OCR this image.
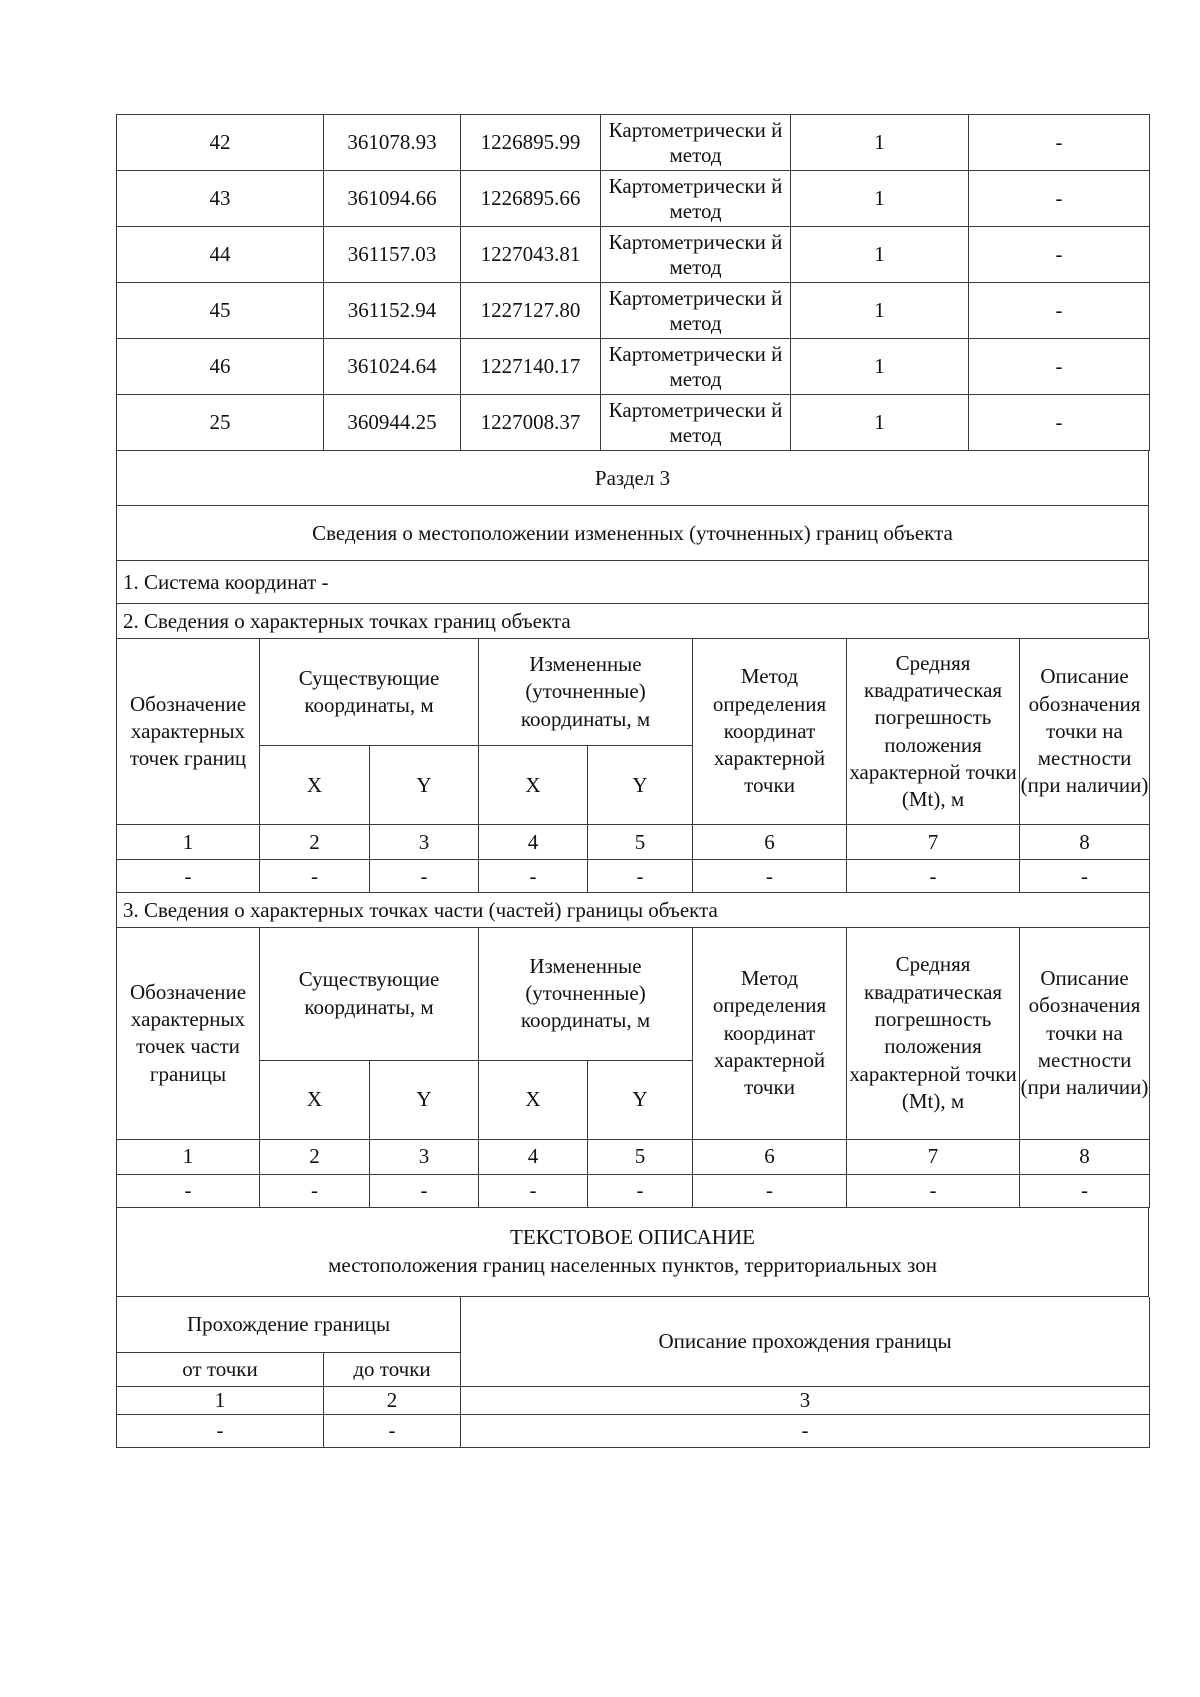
42	361078.93	1226895.99	Картометрически й метод	1	-
43	361094.66	1226895.66	Картометрически й метод	1	-
44	361157.03	1227043.81	Картометрически й метод	1	-
45	361152.94	1227127.80	Картометрически й метод	1	-
46	361024.64	1227140.17	Картометрически й метод	1	-
25	360944.25	1227008.37	Картометрически й метод	1	-
Раздел 3
Сведения о местоположении измененных (уточненных) границ объекта
1. Система координат -
2. Сведения о характерных точках границ объекта
Обозначение характерных точек границ	Существующие координаты, м		Измененные (уточненные) координаты, м		Метод определения координат характерной точки	Средняя квадратическая погрешность положения характерной точки (Mt), м	Описание обозначения точки на местности (при наличии)
	X	Y	X	Y			
1	2	3	4	5	6	7	8
-	-	-	-	-	-	-	-
3. Сведения о характерных точках части (частей) границы объекта							
Обозначение характерных точек части границы	Существующие координаты, м		Измененные (уточненные) координаты, м		Метод определения координат характерной точки	Средняя квадратическая погрешность положения характерной точки (Mt), м	Описание обозначения точки на местности (при наличии)
	X	Y	X	Y			
1	2	3	4	5	6	7	8
-	-	-	-	-	-	-	-
ТЕКСТОВОЕ ОПИСАНИЕ
местоположения границ населенных пунктов, территориальных зон
Прохождение границы		Описание прохождения границы
от точки	до точки	
1	2	3
-	-	-
